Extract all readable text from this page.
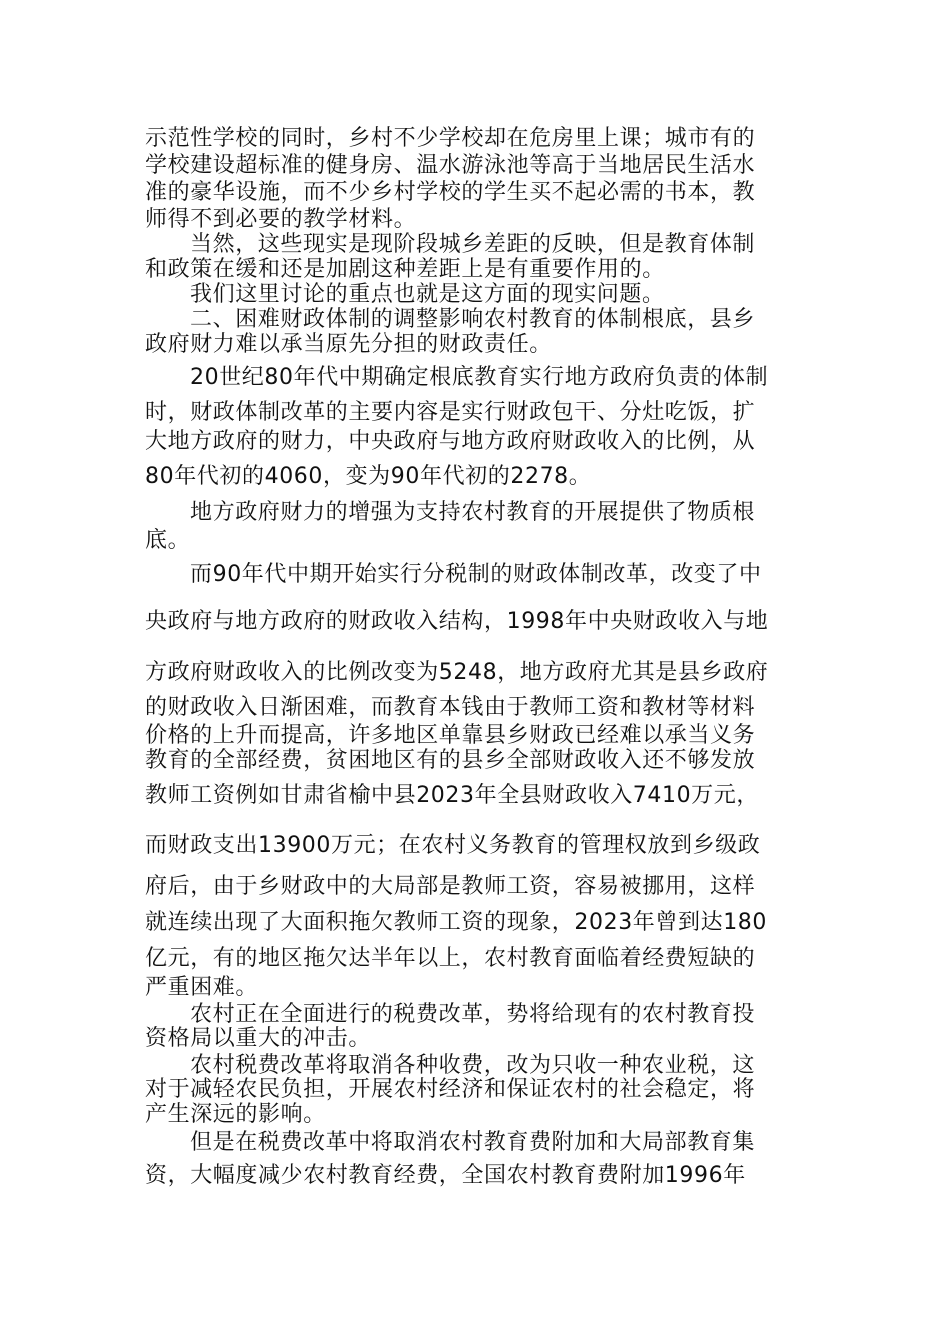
示范性学校的同时，乡村不少学校却在危房里上课；城市有的
学校建设超标准的健身房、温水游泳池等高于当地居民生活水
准的豪华设施，而不少乡村学校的学生买不起必需的书本，教
师得不到必要的教学材料。
当然，这些现实是现阶段城乡差距的反映，但是教育体制
和政策在缓和还是加剧这种差距上是有重要作用的。
我们这里讨论的重点也就是这方面的现实问题。
二、困难财政体制的调整影响农村教育的体制根底，县乡
政府财力难以承当原先分担的财政责任。
20世纪80年代中期确定根底教育实行地方政府负责的体制
时，财政体制改革的主要内容是实行财政包干、分灶吃饭，扩
大地方政府的财力，中央政府与地方政府财政收入的比例，从
80年代初的4060，变为90年代初的2278。
地方政府财力的增强为支持农村教育的开展提供了物质根
底。
而90年代中期开始实行分税制的财政体制改革，改变了中
央政府与地方政府的财政收入结构，1998年中央财政收入与地
方政府财政收入的比例改变为5248，地方政府尤其是县乡政府
的财政收入日渐困难，而教育本钱由于教师工资和教材等材料
价格的上升而提高，许多地区单靠县乡财政已经难以承当义务
教育的全部经费，贫困地区有的县乡全部财政收入还不够发放
教师工资例如甘肃省榆中县2023年全县财政收入7410万元，
而财政支出13900万元；在农村义务教育的管理权放到乡级政
府后，由于乡财政中的大局部是教师工资，容易被挪用，这样
就连续出现了大面积拖欠教师工资的现象，2023年曾到达180
亿元，有的地区拖欠达半年以上，农村教育面临着经费短缺的
严重困难。
农村正在全面进行的税费改革，势将给现有的农村教育投
资格局以重大的冲击。
农村税费改革将取消各种收费，改为只收一种农业税，这
对于减轻农民负担，开展农村经济和保证农村的社会稳定，将
产生深远的影响。
但是在税费改革中将取消农村教育费附加和大局部教育集
资，大幅度减少农村教育经费，全国农村教育费附加1996年
